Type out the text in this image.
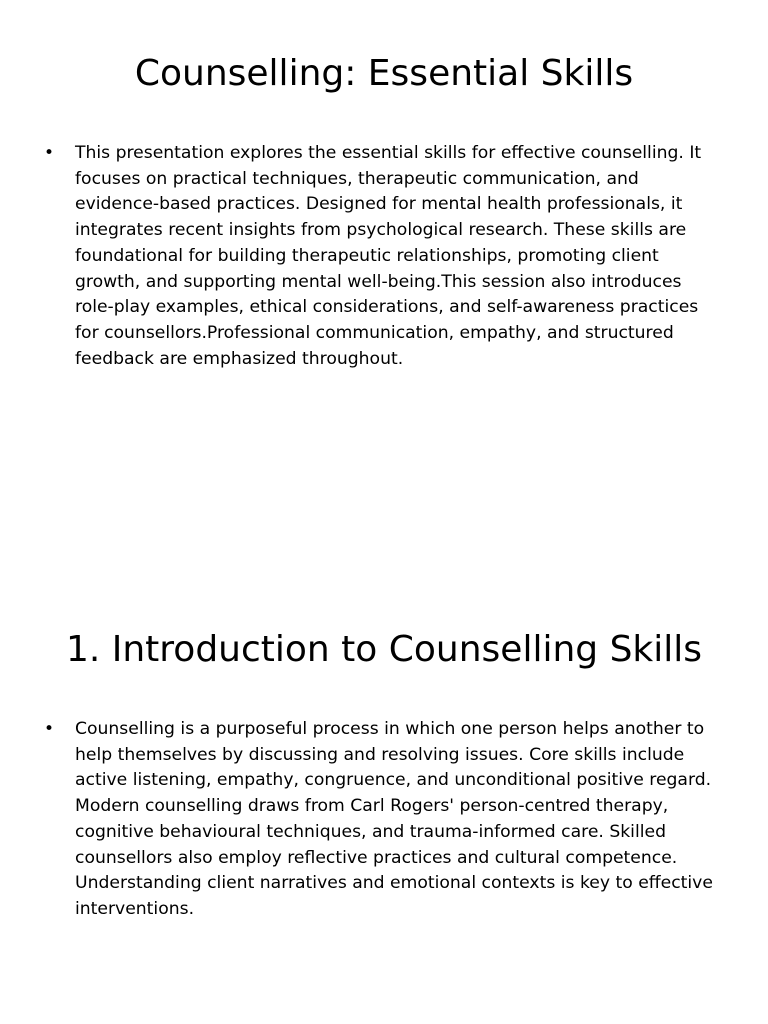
Counselling: Essential Skills
• This presentation explores the essential skills for effective counselling. It focuses on practical techniques, therapeutic communication, and evidence-based practices. Designed for mental health professionals, it integrates recent insights from psychological research. These skills are foundational for building therapeutic relationships, promoting client growth, and supporting mental well-being.This session also introduces role-play examples, ethical considerations, and self-awareness practices for counsellors.Professional communication, empathy, and structured feedback are emphasized throughout.
1. Introduction to Counselling Skills
• Counselling is a purposeful process in which one person helps another to help themselves by discussing and resolving issues. Core skills include active listening, empathy, congruence, and unconditional positive regard. Modern counselling draws from Carl Rogers' person-centred therapy, cognitive behavioural techniques, and trauma-informed care. Skilled counsellors also employ reflective practices and cultural competence. Understanding client narratives and emotional contexts is key to effective interventions.
